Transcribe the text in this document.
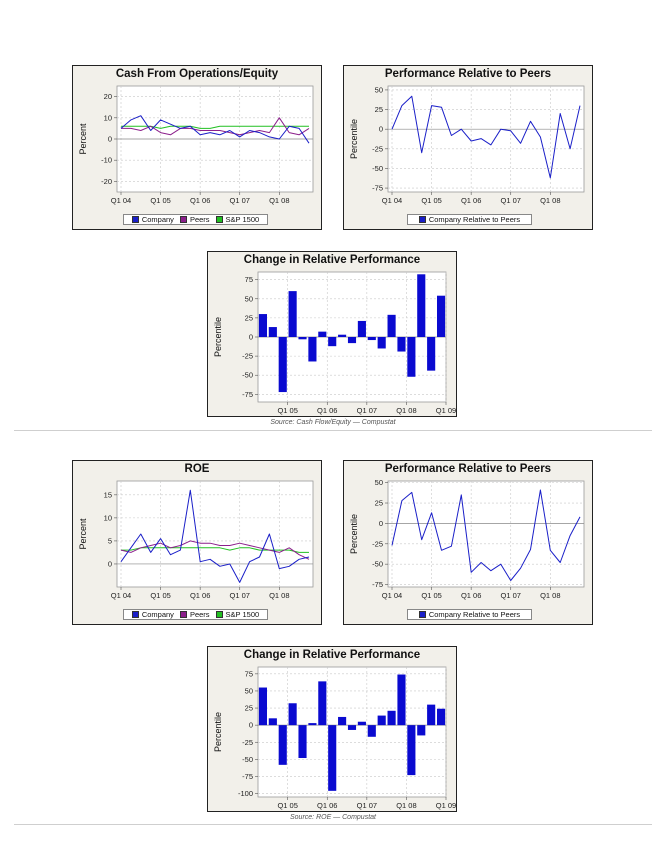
Cash From Operations/Equity
20
10
0
-10
-20
Q1 04	Q1 05	Q1 06	Q1 07	Q1 08
Percent
Company Peers S&P 1500
Performance Relative to Peers
50
25
0
-25
-50
-75
Q1 04	Q1 05	Q1 06	Q1 07	Q1 08
Percentile
Company Relative to Peers
Change in Relative Performance
75
50
25
0
-25
-50
-75
Q1 05	Q1 06	Q1 07	Q1 08	Q1 09
Percentile
Source: Cash Flow/Equity — Compustat
ROE
15
10
5
0
Q1 04	Q1 05	Q1 06	Q1 07	Q1 08
Percent
Company Peers S&P 1500
Performance Relative to Peers
50
25
0
-25
-50
-75
Q1 04	Q1 05	Q1 06	Q1 07	Q1 08
Percentile
Company Relative to Peers
Change in Relative Performance
75
50
25
0
-25
-50
-75
-100
Q1 05	Q1 06	Q1 07	Q1 08	Q1 09
Percentile
Source: ROE — Compustat
